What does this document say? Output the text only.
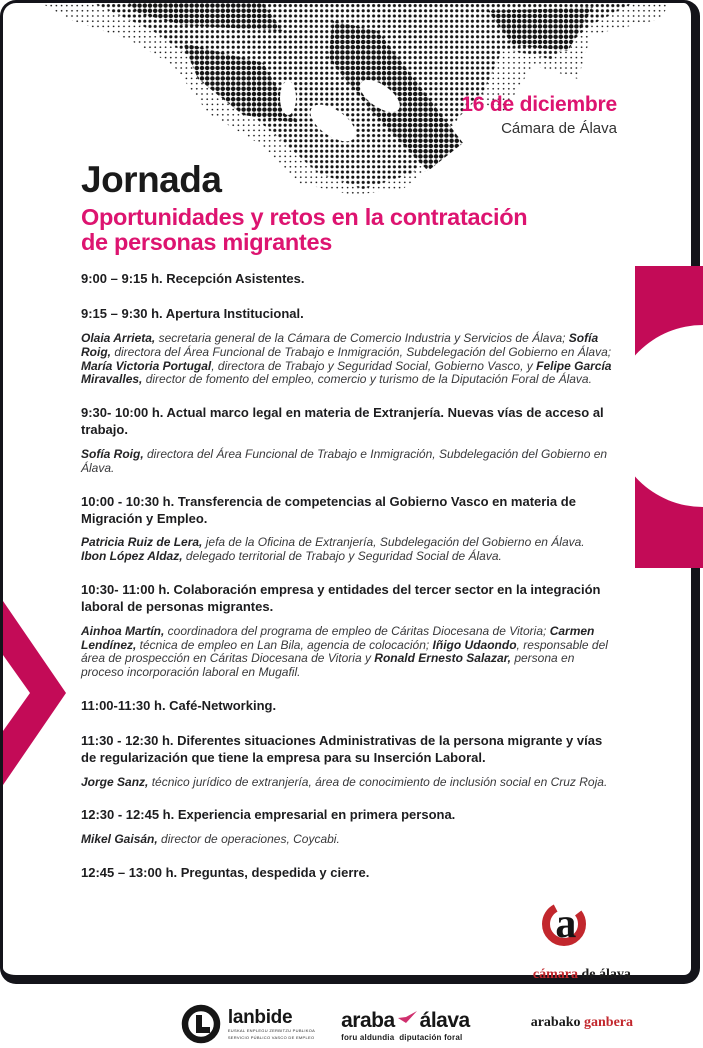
16 de diciembre
Cámara de Álava
Jornada
Oportunidades y retos en la contratación de personas migrantes

9:00 – 9:15 h. Recepción Asistentes.

9:15 – 9:30 h. Apertura Institucional.

Olaia Arrieta, secretaria general de la Cámara de Comercio Industria y Servicios de Álava; Sofía Roig, directora del Área Funcional de Trabajo e Inmigración, Subdelegación del Gobierno en Álava; María Victoria Portugal, directora de Trabajo y Seguridad Social, Gobierno Vasco, y Felipe García Miravalles, director de fomento del empleo, comercio y turismo de la Diputación Foral de Álava.

9:30- 10:00 h. Actual marco legal en materia de Extranjería. Nuevas vías de acceso al trabajo.

Sofía Roig, directora del Área Funcional de Trabajo e Inmigración, Subdelegación del Gobierno en Álava.

10:00 - 10:30 h. Transferencia de competencias al Gobierno Vasco en materia de Migración y Empleo.

Patricia Ruiz de Lera, jefa de la Oficina de Extranjería, Subdelegación del Gobierno en Álava.

Ibon López Aldaz, delegado territorial de Trabajo y Seguridad Social de Álava.

10:30- 11:00 h. Colaboración empresa y entidades del tercer sector en la integración laboral de personas migrantes.

Ainhoa Martín, coordinadora del programa de empleo de Cáritas Diocesana de Vitoria; Carmen Lendínez, técnica de empleo en Lan Bila, agencia de colocación; Iñigo Udaondo, responsable del área de prospección en Cáritas Diocesana de Vitoria y Ronald Ernesto Salazar, persona en proceso incorporación laboral en Mugafil.

11:00-11:30 h. Café-Networking.

11:30 - 12:30 h. Diferentes situaciones Administrativas de la persona migrante y vías de regularización que tiene la empresa para su Inserción Laboral.

Jorge Sanz, técnico jurídico de extranjería, área de conocimiento de inclusión social en Cruz Roja.

12:30 - 12:45 h. Experiencia empresarial en primera persona.

Mikel Gaisán, director de operaciones, Coycabi.

12:45 – 13:00 h. Preguntas, despedida y cierre.

lanbide
EUSKAL ENPLEGU ZERBITZU PUBLIKOA
SERVICIO PÚBLICO VASCO DE EMPLEO
araba álava
foru aldundia  diputación foral
a

cámara de álava

arabako ganbera
